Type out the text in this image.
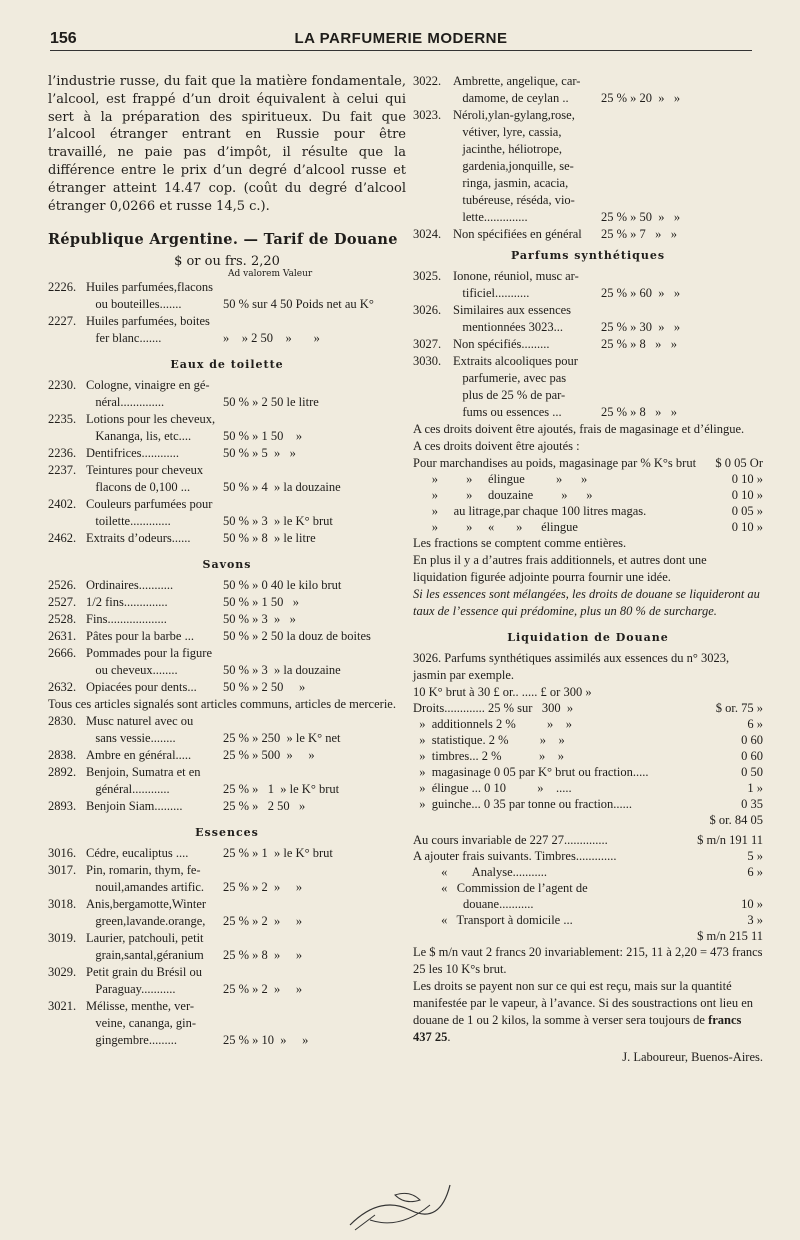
156	LA PARFUMERIE MODERNE

l’industrie russe, du fait que la matière fondamentale, l’alcool, est frappé d’un droit équivalent à celui qui sert à la préparation des spiritueux. Du fait que l’alcool étranger entrant en Russie pour être travaillé, ne paie pas d’impôt, il résulte que la différence entre le prix d’un degré d’alcool russe et étranger atteint 14.47 cop. (coût du degré d’alcool étranger 0,0266 et russe 14,5 c.).

République Argentine. — Tarif de Douane
$ or ou frs. 2,20
Ad valorem Valeur
2226. Huiles parfumées,flacons
ou bouteilles.......	50 % sur 4 50 Poids net au K°
2227. Huiles parfumées, boites
fer blanc.......	»    » 2 50    »       »
Eaux de toilette
2230. Cologne, vinaigre en gé-
néral..............	50 % » 2 50 le litre
2235. Lotions pour les cheveux,
Kananga, lis, etc....	50 % » 1 50    »
2236. Dentifrices............	50 % » 5  »   »
2237. Teintures pour cheveux
flacons de 0,100 ...	50 % » 4  » la douzaine
2402. Couleurs parfumées pour
toilette.............	50 % » 3  » le K° brut
2462. Extraits d’odeurs......	50 % » 8  » le litre
Savons
2526. Ordinaires...........	50 % » 0 40 le kilo brut
2527. 1/2 fins..............	50 % » 1 50   »
2528. Fins...................	50 % » 3  »   »
2631. Pâtes pour la barbe ...	50 % » 2 50 la douz de boites
2666. Pommades pour la figure
ou cheveux........	50 % » 3  » la douzaine
2632. Opiacées pour dents...	50 % » 2 50     »

Tous ces articles signalés sont articles communs, articles de mercerie.

2830. Musc naturel avec ou
sans vessie........	25 % » 250  » le K° net
2838. Ambre en général.....	25 % » 500  »     »
2892. Benjoin, Sumatra et en
général............	25 % »   1  » le K° brut
2893. Benjoin Siam.........	25 % »   2 50   »
Essences
3016. Cédre, eucaliptus ....	25 % » 1  » le K° brut
3017. Pin, romarin, thym, fe-
nouil,amandes artific.	25 % » 2  »     »
3018. Anis,bergamotte,Winter
green,lavande.orange,	25 % » 2  »     »
3019. Laurier, patchouli, petit
grain,santal,géranium	25 % » 8  »     »
3029. Petit grain du Brésil ou
Paraguay...........	25 % » 2  »     »
3021. Mélisse, menthe, ver-
veine, cananga, gin-
gingembre.........	25 % » 10  »     »
3022. Ambrette, angelique, car-
damome, de ceylan ..	25 % » 20  »   »
3023. Néroli,ylan-gylang,rose,
vétiver, lyre, cassia,
jacinthe, héliotrope,
gardenia,jonquille, se-
ringa, jasmin, acacia,
tubéreuse, réséda, vio-
lette..............	25 % » 50  »   »
3024. Non spécifiées en général	25 % » 7   »   »
Parfums synthétiques
3025. Ionone, réuniol, musc ar-
tificiel...........	25 % » 60  »   »
3026. Similaires aux essences
mentionnées 3023...	25 % » 30  »   »
3027. Non spécifiés.........	25 % » 8   »   »
3030. Extraits alcooliques pour
parfumerie, avec pas
plus de 25 % de par-
fums ou essences ...	25 % » 8   »   »

A ces droits doivent être ajoutés, frais de magasinage et d’élingue.

A ces droits doivent être ajoutés :

Pour marchandises au poids, magasinage par % K°s brut	$ 0 05 Or
»         »     élingue          »      »	0 10 »
»         »     douzaine         »      »	0 10 »
»     au litrage,par chaque 100 litres magas.	0 05 »
»         »     «       »      élingue	0 10 »

Les fractions se comptent comme entières.

En plus il y a d’autres frais additionnels, et autres dont une liquidation figurée adjointe pourra fournir une idée.

Si les essences sont mélangées, les droits de douane se liquideront au taux de l’essence qui prédomine, plus un 80 % de surcharge.

Liquidation de Douane

3026. Parfums synthétiques assimilés aux essences du n° 3023, jasmin par exemple.

10 K° brut à 30 £ or.. ..... £ or 300 »
Droits............. 25 % sur   300  »	$ or. 75 »
»  additionnels 2 %          »    »	6 »
»  statistique. 2 %          »    »	0 60
»  timbres... 2 %            »    »	0 60
»  magasinage 0 05 par K° brut ou fraction.....	0 50
»  élingue ... 0 10          »    .....	1 »
»  guinche... 0 35 par tonne ou fraction......	0 35
$ or. 84 05
Au cours invariable de 227 27..............	$ m/n 191 11
A ajouter frais suivants. Timbres.............	5 »
«        Analyse...........	6 »
«   Commission de l’agent de
douane...........	10 »
«   Transport à domicile ...	3 »
$ m/n 215 11

Le $ m/n vaut 2 francs 20 invariablement: 215, 11 à 2,20 = 473 francs 25 les 10 K°s brut.

Les droits se payent non sur ce qui est reçu, mais sur la quantité manifestée par le vapeur, à l’avance. Si des soustractions ont lieu en douane de 1 ou 2 kilos, la somme à verser sera toujours de francs 437 25.

J. Laboureur, Buenos-Aires.
